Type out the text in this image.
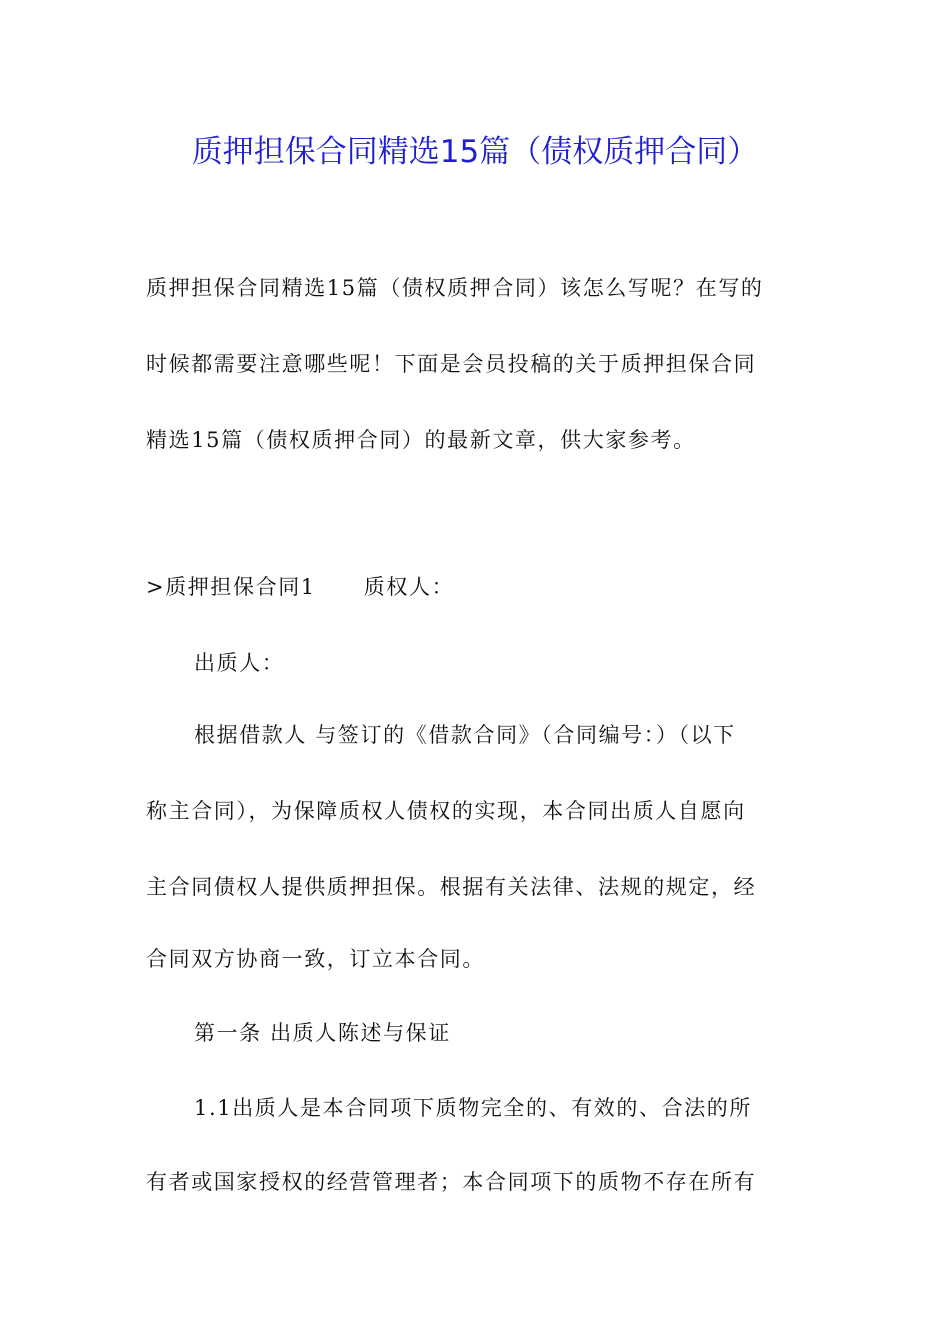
质押担保合同精选15篇（债权质押合同）
质押担保合同精选15篇（债权质押合同）该怎么写呢？在写的
时候都需要注意哪些呢！下面是会员投稿的关于质押担保合同
精选15篇（债权质押合同）的最新文章，供大家参考。
>质押担保合同1 质权人：
出质人：
根据借款人 与签订的《借款合同》（合同编号：）（以下
称主合同），为保障质权人债权的实现，本合同出质人自愿向
主合同债权人提供质押担保。根据有关法律、法规的规定，经
合同双方协商一致，订立本合同。
第一条 出质人陈述与保证
1.1出质人是本合同项下质物完全的、有效的、合法的所
有者或国家授权的经营管理者；本合同项下的质物不存在所有
